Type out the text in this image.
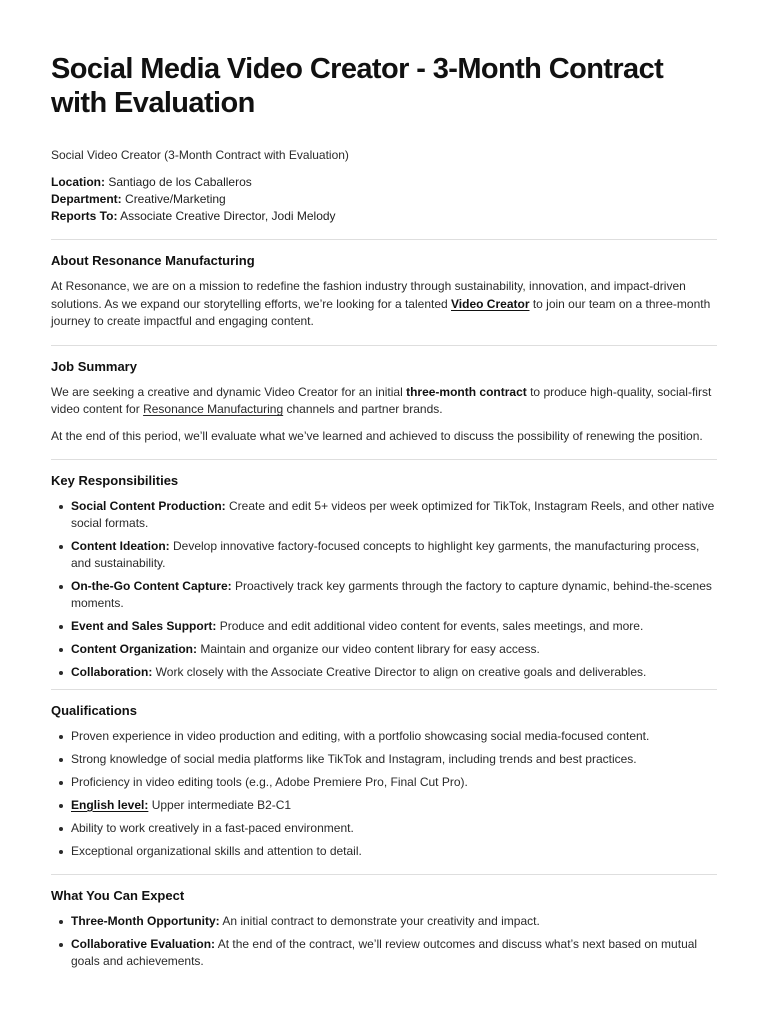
Social Media Video Creator - 3-Month Contract with Evaluation

Social Video Creator (3-Month Contract with Evaluation)

Location: Santiago de los Caballeros
Department: Creative/Marketing
Reports To: Associate Creative Director, Jodi Melody
About Resonance Manufacturing

At Resonance, we are on a mission to redefine the fashion industry through sustainability, innovation, and impact-driven solutions. As we expand our storytelling efforts, we’re looking for a talented Video Creator to join our team on a three-month journey to create impactful and engaging content.

Job Summary

We are seeking a creative and dynamic Video Creator for an initial three-month contract to produce high-quality, social-first video content for Resonance Manufacturing channels and partner brands.

At the end of this period, we’ll evaluate what we’ve learned and achieved to discuss the possibility of renewing the position.

Key Responsibilities
Social Content Production: Create and edit 5+ videos per week optimized for TikTok, Instagram Reels, and other native social formats.
Content Ideation: Develop innovative factory-focused concepts to highlight key garments, the manufacturing process, and sustainability.
On-the-Go Content Capture: Proactively track key garments through the factory to capture dynamic, behind-the-scenes moments.
Event and Sales Support: Produce and edit additional video content for events, sales meetings, and more.
Content Organization: Maintain and organize our video content library for easy access.
Collaboration: Work closely with the Associate Creative Director to align on creative goals and deliverables.
Qualifications
Proven experience in video production and editing, with a portfolio showcasing social media-focused content.
Strong knowledge of social media platforms like TikTok and Instagram, including trends and best practices.
Proficiency in video editing tools (e.g., Adobe Premiere Pro, Final Cut Pro).
English level: Upper intermediate B2-C1
Ability to work creatively in a fast-paced environment.
Exceptional organizational skills and attention to detail.
What You Can Expect
Three-Month Opportunity: An initial contract to demonstrate your creativity and impact.
Collaborative Evaluation: At the end of the contract, we’ll review outcomes and discuss what’s next based on mutual goals and achievements.
